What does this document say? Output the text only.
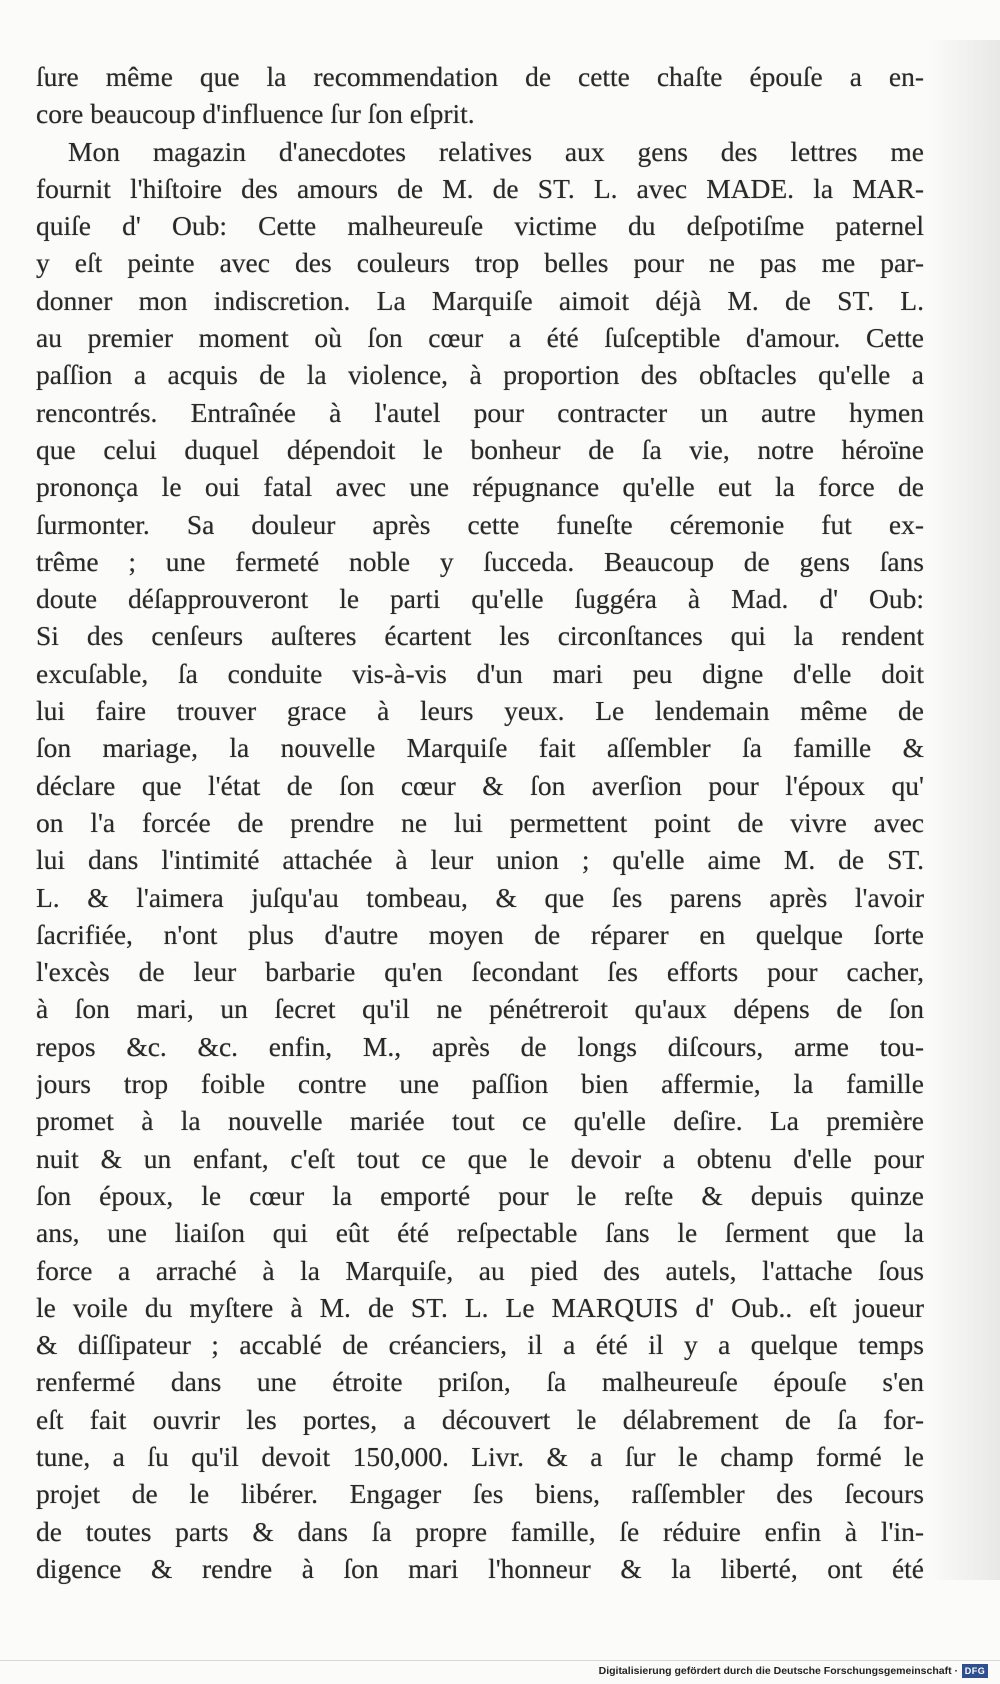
ſure même que la recommendation de cette chaſte épouſe a en-
core beaucoup d'influence ſur ſon eſprit.
Mon magazin d'anecdotes relatives aux gens des lettres me
fournit l'hiſtoire des amours de M. de ST. L. avec MADE. la MAR-
quiſe d' Oub: Cette malheureuſe victime du deſpotiſme paternel
y eſt peinte avec des couleurs trop belles pour ne pas me par-
donner mon indiscretion. La Marquiſe aimoit déjà M. de ST. L.
au premier moment où ſon cœur a été ſuſceptible d'amour. Cette
paſſion a acquis de la violence, à proportion des obſtacles qu'elle a
rencontrés. Entraînée à l'autel pour contracter un autre hymen
que celui duquel dépendoit le bonheur de ſa vie, notre héroïne
prononça le oui fatal avec une répugnance qu'elle eut la force de
ſurmonter. Sa douleur après cette funeſte céremonie fut ex-
trême ; une fermeté noble y ſucceda. Beaucoup de gens ſans
doute déſapprouveront le parti qu'elle ſuggéra à Mad. d' Oub:
Si des cenſeurs auſteres écartent les circonſtances qui la rendent
excuſable, ſa conduite vis-à-vis d'un mari peu digne d'elle doit
lui faire trouver grace à leurs yeux. Le lendemain même de
ſon mariage, la nouvelle Marquiſe fait aſſembler ſa famille &
déclare que l'état de ſon cœur & ſon averſion pour l'époux qu'
on l'a forcée de prendre ne lui permettent point de vivre avec
lui dans l'intimité attachée à leur union ; qu'elle aime M. de ST.
L. & l'aimera juſqu'au tombeau, & que ſes parens après l'avoir
ſacrifiée, n'ont plus d'autre moyen de réparer en quelque ſorte
l'excès de leur barbarie qu'en ſecondant ſes efforts pour cacher,
à ſon mari, un ſecret qu'il ne pénétreroit qu'aux dépens de ſon
repos &c. &c. enfin, M., après de longs diſcours, arme tou-
jours trop foible contre une paſſion bien affermie, la famille
promet à la nouvelle mariée tout ce qu'elle deſire. La première
nuit & un enfant, c'eſt tout ce que le devoir a obtenu d'elle pour
ſon époux, le cœur la emporté pour le reſte & depuis quinze
ans, une liaiſon qui eût été reſpectable ſans le ſerment que la
force a arraché à la Marquiſe, au pied des autels, l'attache ſous
le voile du myſtere à M. de ST. L. Le MARQUIS d' Oub.. eſt joueur
& diſſipateur ; accablé de créanciers, il a été il y a quelque temps
renfermé dans une étroite priſon, ſa malheureuſe épouſe s'en
eſt fait ouvrir les portes, a découvert le délabrement de ſa for-
tune, a ſu qu'il devoit 150,000. Livr. & a ſur le champ formé le
projet de le libérer. Engager ſes biens, raſſembler des ſecours
de toutes parts & dans ſa propre famille, ſe réduire enfin à l'in-
digence & rendre à ſon mari l'honneur & la liberté, ont été
Digitalisierung gefördert durch die Deutsche Forschungsgemeinschaft · DFG
